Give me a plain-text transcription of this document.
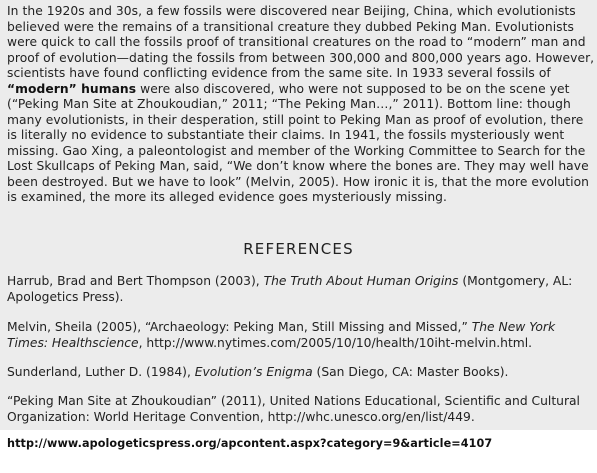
In the 1920s and 30s, a few fossils were discovered near Beijing, China, which evolutionists believed were the remains of a transitional creature they dubbed Peking Man. Evolutionists were quick to call the fossils proof of transitional creatures on the road to “modern” man and proof of evolution—dating the fossils from between 300,000 and 800,000 years ago. However, scientists have found conflicting evidence from the same site. In 1933 several fossils of “modern” humans were also discovered, who were not supposed to be on the scene yet (“Peking Man Site at Zhoukoudian,” 2011; “The Peking Man…,” 2011). Bottom line: though many evolutionists, in their desperation, still point to Peking Man as proof of evolution, there is literally no evidence to substantiate their claims. In 1941, the fossils mysteriously went missing. Gao Xing, a paleontologist and member of the Working Committee to Search for the Lost Skullcaps of Peking Man, said, “We don’t know where the bones are. They may well have been destroyed. But we have to look” (Melvin, 2005). How ironic it is, that the more evolution is examined, the more its alleged evidence goes mysteriously missing.

REFERENCES

Harrub, Brad and Bert Thompson (2003), The Truth About Human Origins (Montgomery, AL: Apologetics Press).

Melvin, Sheila (2005), “Archaeology: Peking Man, Still Missing and Missed,” The New York Times: Healthscience, http://www.nytimes.com/2005/10/10/health/10iht-melvin.html.

Sunderland, Luther D. (1984), Evolution’s Enigma (San Diego, CA: Master Books).

“Peking Man Site at Zhoukoudian” (2011), United Nations Educational, Scientific and Cultural Organization: World Heritage Convention, http://whc.unesco.org/en/list/449.

http://www.apologeticspress.org/apcontent.aspx?category=9&article=4107
